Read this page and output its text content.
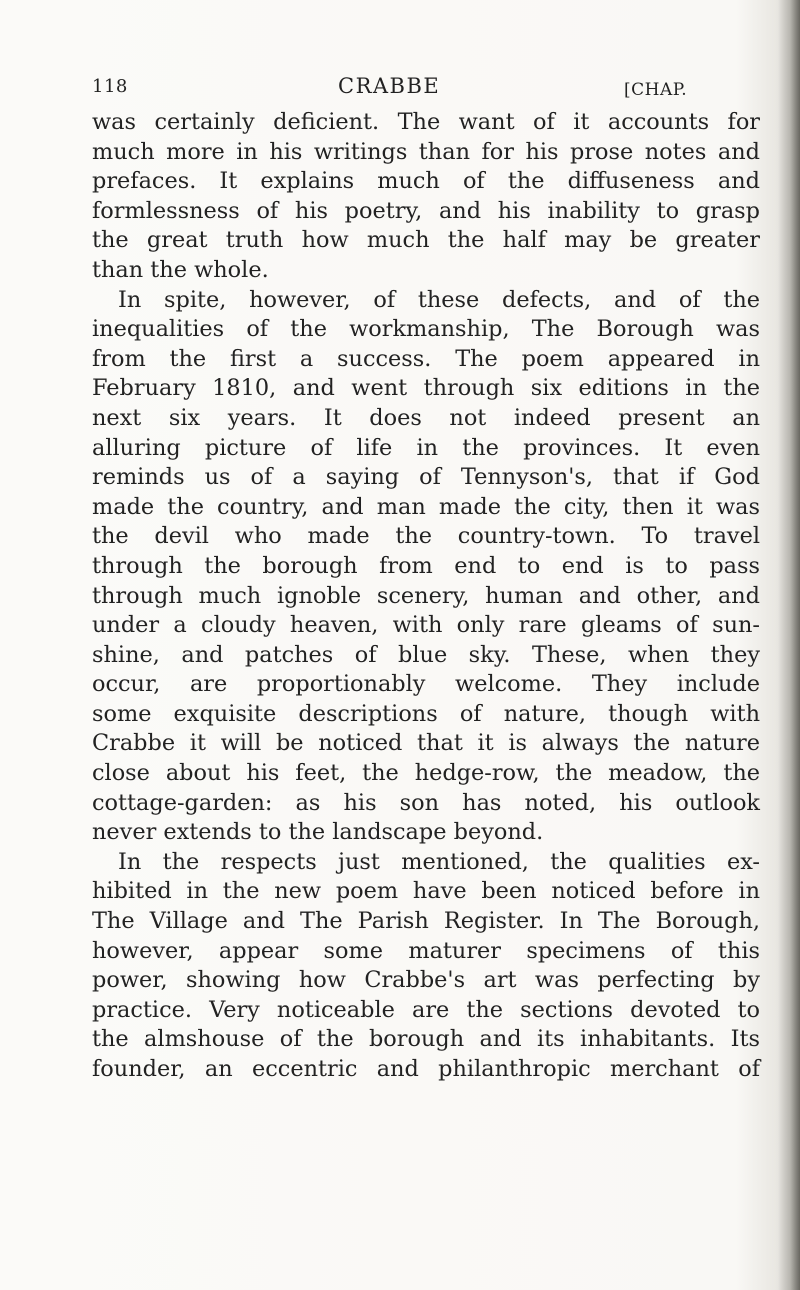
118	CRABBE	[CHAP.
was certainly deficient. The want of it accounts for
much more in his writings than for his prose notes and
prefaces. It explains much of the diffuseness and
formlessness of his poetry, and his inability to grasp
the great truth how much the half may be greater
than the whole.
In spite, however, of these defects, and of the
inequalities of the workmanship, The Borough was
from the first a success. The poem appeared in
February 1810, and went through six editions in the
next six years. It does not indeed present an
alluring picture of life in the provinces. It even
reminds us of a saying of Tennyson's, that if God
made the country, and man made the city, then it was
the devil who made the country-town. To travel
through the borough from end to end is to pass
through much ignoble scenery, human and other, and
under a cloudy heaven, with only rare gleams of sun-
shine, and patches of blue sky. These, when they
occur, are proportionably welcome. They include
some exquisite descriptions of nature, though with
Crabbe it will be noticed that it is always the nature
close about his feet, the hedge-row, the meadow, the
cottage-garden: as his son has noted, his outlook
never extends to the landscape beyond.
In the respects just mentioned, the qualities ex-
hibited in the new poem have been noticed before in
The Village and The Parish Register. In The Borough,
however, appear some maturer specimens of this
power, showing how Crabbe's art was perfecting by
practice. Very noticeable are the sections devoted to
the almshouse of the borough and its inhabitants. Its
founder, an eccentric and philanthropic merchant of
